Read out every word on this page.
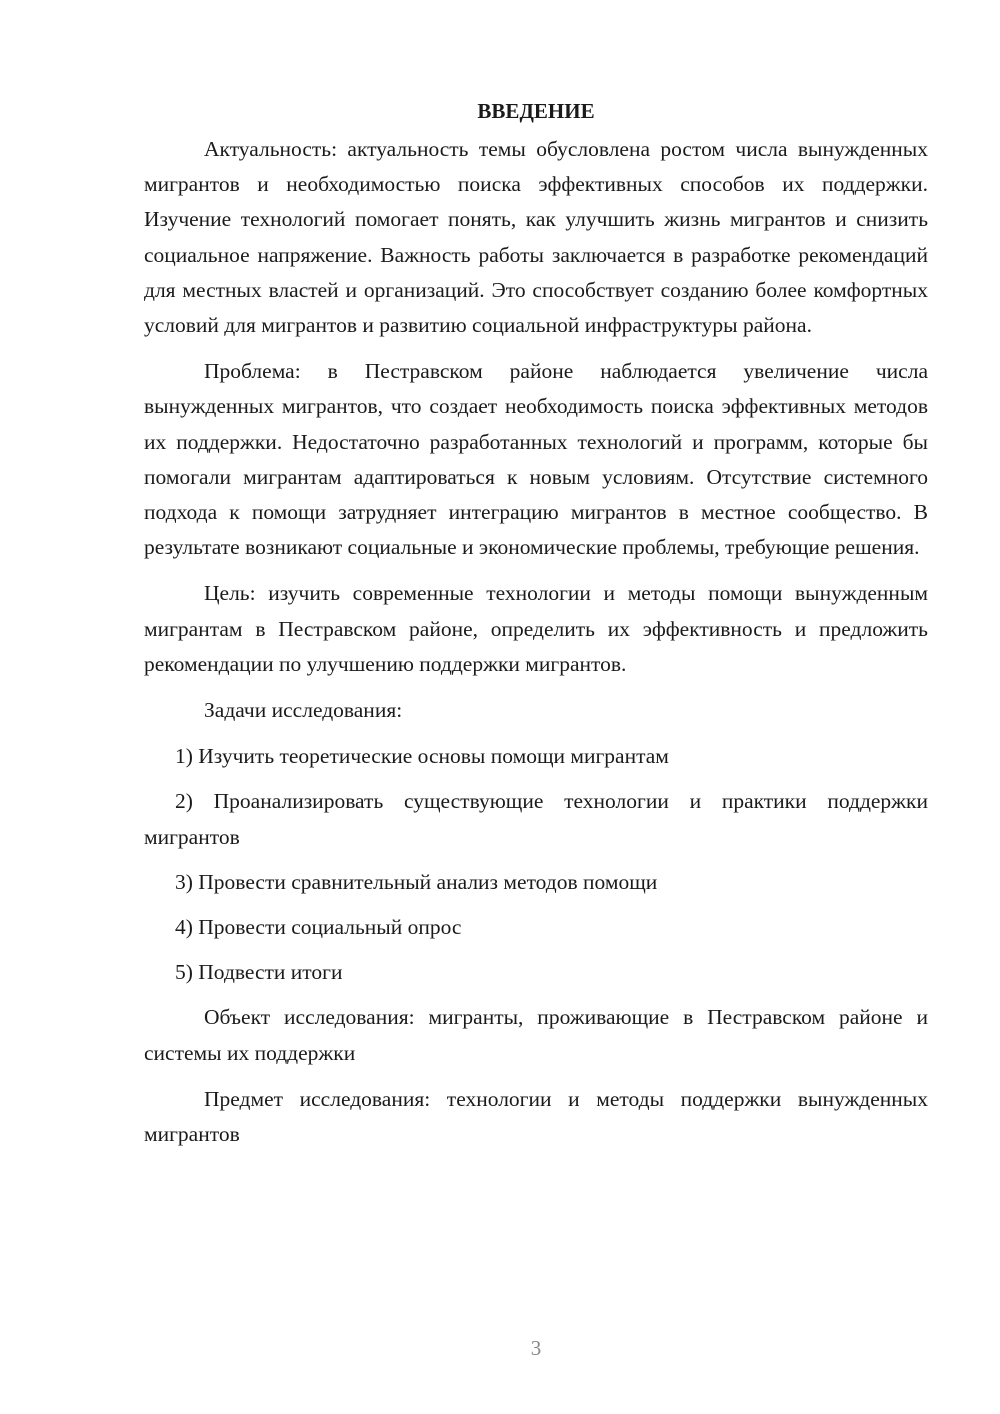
ВВЕДЕНИЕ

Актуальность: актуальность темы обусловлена ростом числа вынужденных мигрантов и необходимостью поиска эффективных способов их поддержки. Изучение технологий помогает понять, как улучшить жизнь мигрантов и снизить социальное напряжение. Важность работы заключается в разработке рекомендаций для местных властей и организаций. Это способствует созданию более комфортных условий для мигрантов и развитию социальной инфраструктуры района.

Проблема: в Пестравском районе наблюдается увеличение числа вынужденных мигрантов, что создает необходимость поиска эффективных методов их поддержки. Недостаточно разработанных технологий и программ, которые бы помогали мигрантам адаптироваться к новым условиям. Отсутствие системного подхода к помощи затрудняет интеграцию мигрантов в местное сообщество. В результате возникают социальные и экономические проблемы, требующие решения.

Цель: изучить современные технологии и методы помощи вынужденным мигрантам в Пестравском районе, определить их эффективность и предложить рекомендации по улучшению поддержки мигрантов.

Задачи исследования:

1) Изучить теоретические основы помощи мигрантам

2) Проанализировать существующие технологии и практики поддержки мигрантов

3) Провести сравнительный анализ методов помощи

4) Провести социальный опрос

5) Подвести итоги

Объект исследования: мигранты, проживающие в Пестравском районе и системы их поддержки

Предмет исследования: технологии и методы поддержки вынужденных мигрантов

3
